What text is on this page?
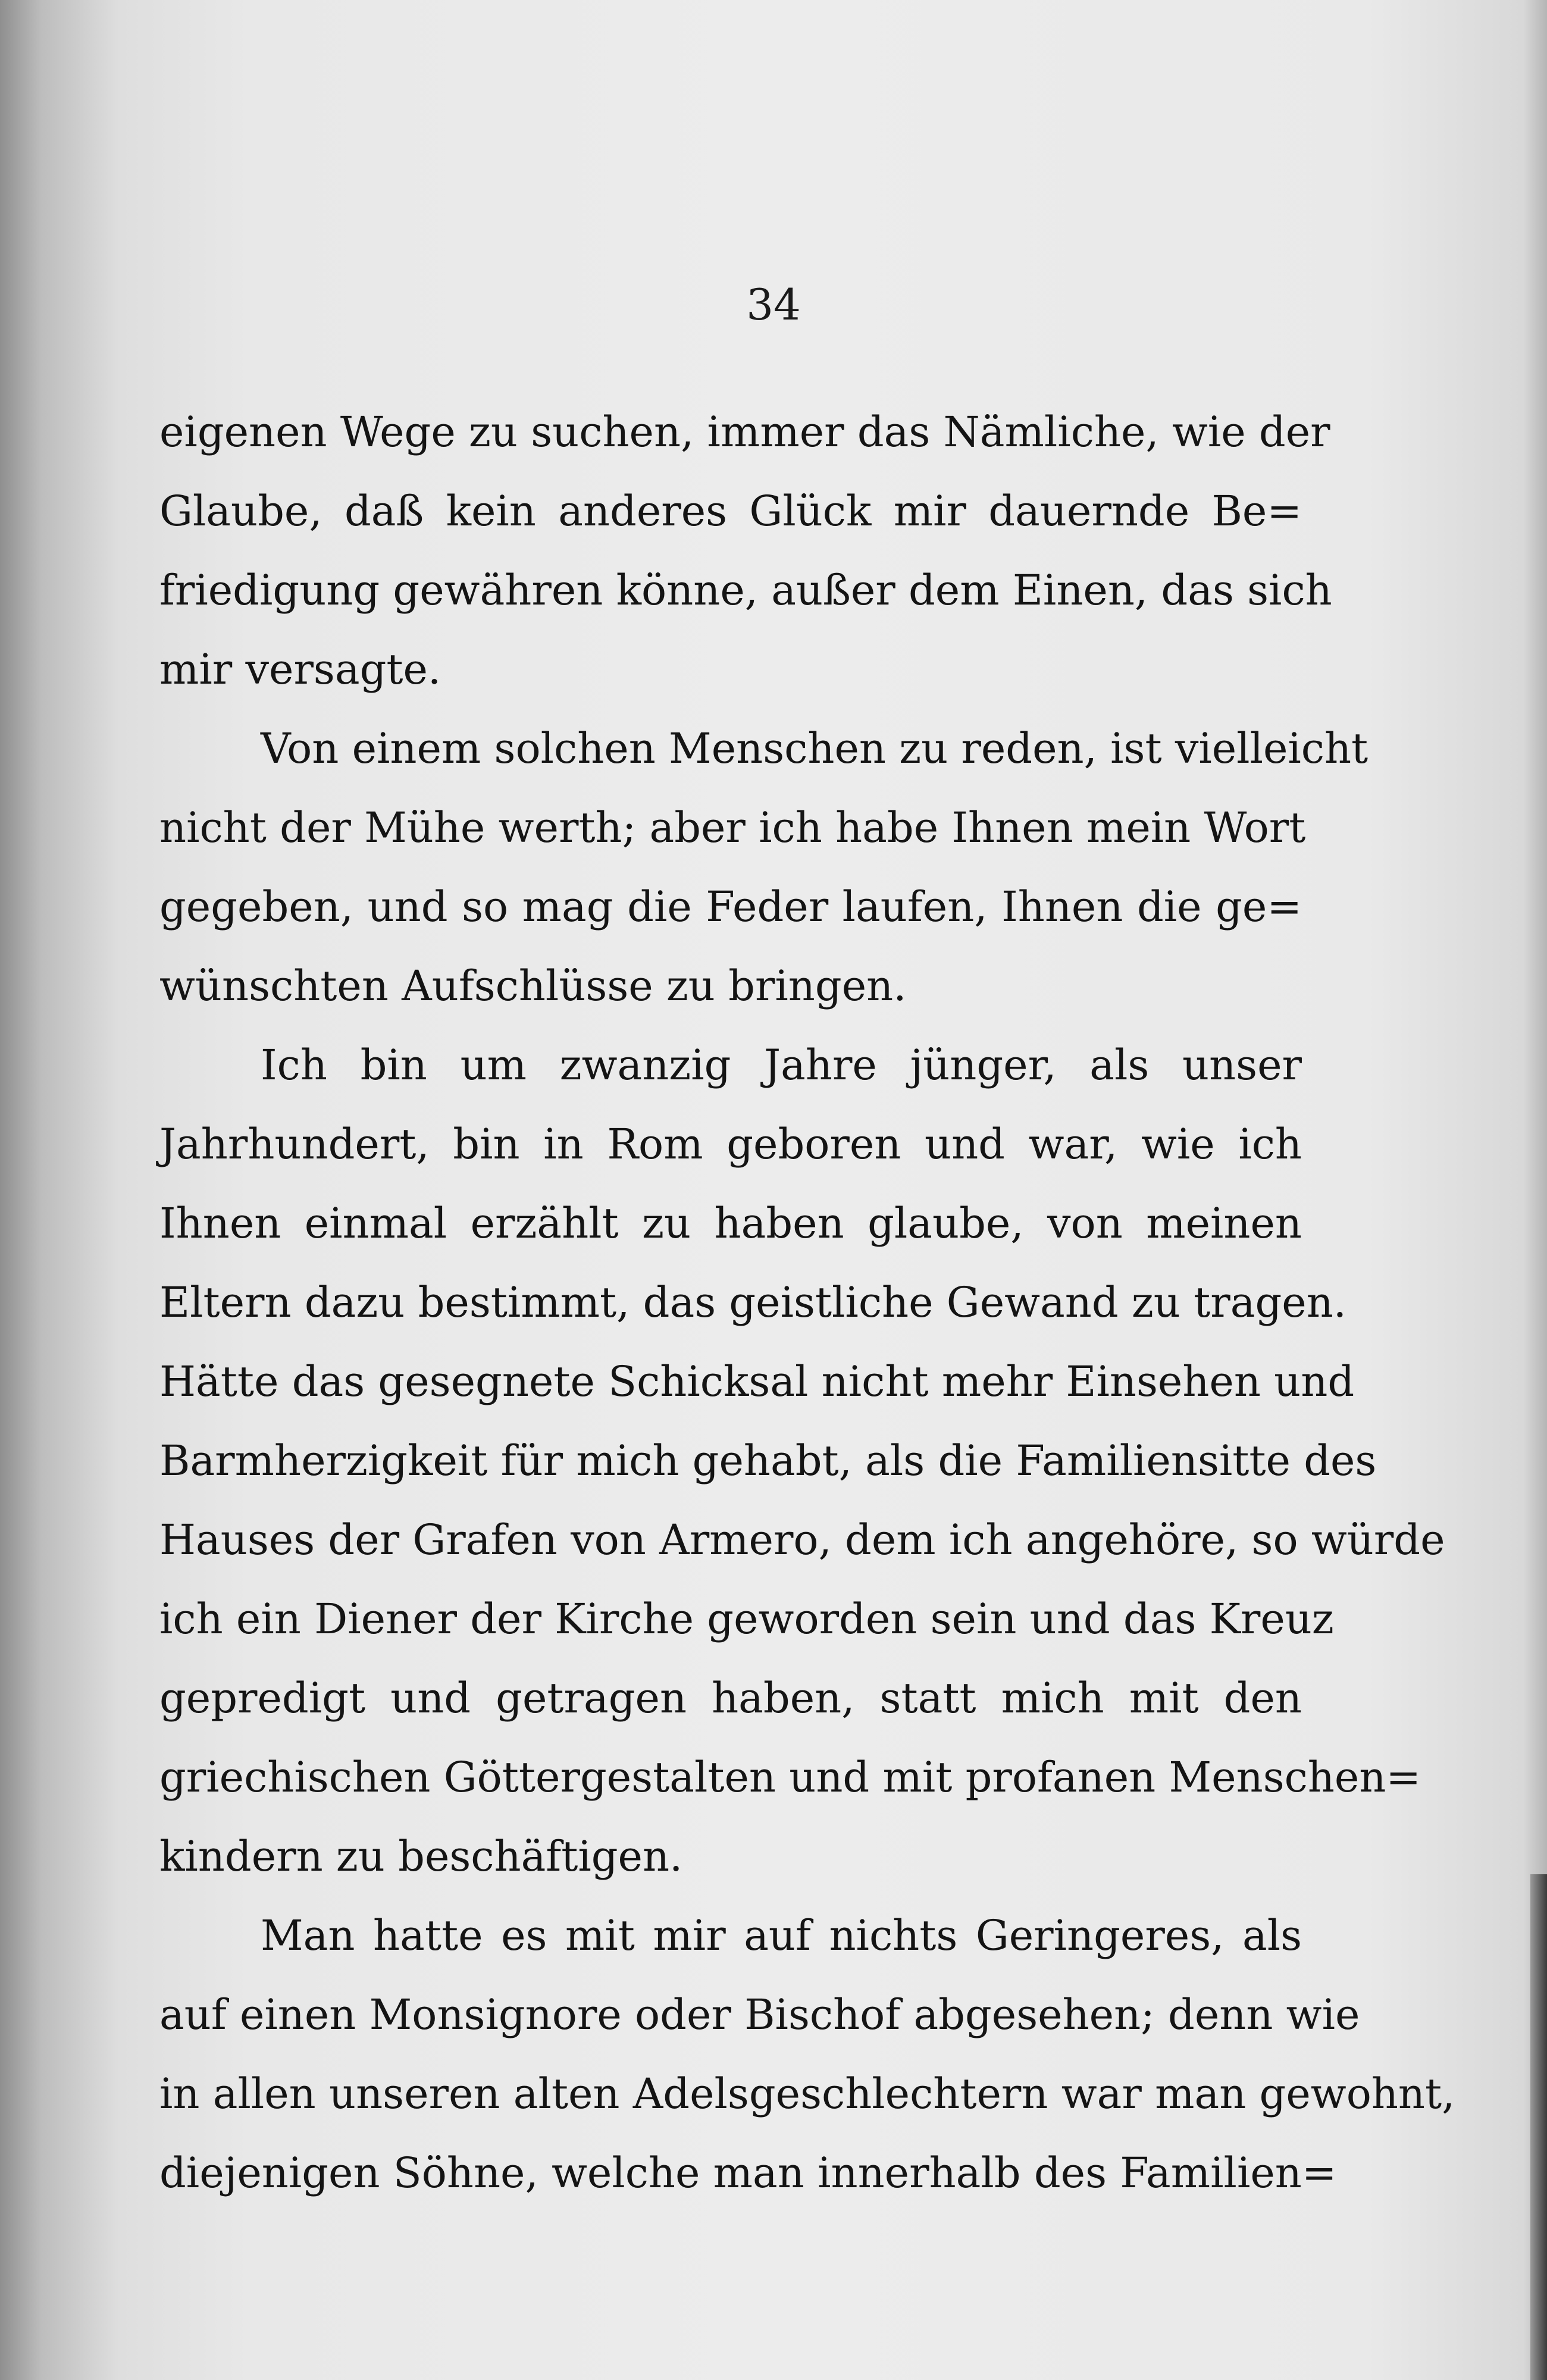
34
eigenen Wege zu suchen, immer das Nämliche, wie der
Glaube, daß kein anderes Glück mir dauernde Be=
friedigung gewähren könne, außer dem Einen, das sich
mir versagte.
Von einem solchen Menschen zu reden, ist vielleicht
nicht der Mühe werth; aber ich habe Ihnen mein Wort
gegeben, und so mag die Feder laufen, Ihnen die ge=
wünschten Aufschlüsse zu bringen.
Ich bin um zwanzig Jahre jünger, als unser
Jahrhundert, bin in Rom geboren und war, wie ich
Ihnen einmal erzählt zu haben glaube, von meinen
Eltern dazu bestimmt, das geistliche Gewand zu tragen.
Hätte das gesegnete Schicksal nicht mehr Einsehen und
Barmherzigkeit für mich gehabt, als die Familiensitte des
Hauses der Grafen von Armero, dem ich angehöre, so würde
ich ein Diener der Kirche geworden sein und das Kreuz
gepredigt und getragen haben, statt mich mit den
griechischen Göttergestalten und mit profanen Menschen=
kindern zu beschäftigen.
Man hatte es mit mir auf nichts Geringeres, als
auf einen Monsignore oder Bischof abgesehen; denn wie
in allen unseren alten Adelsgeschlechtern war man gewohnt,
diejenigen Söhne, welche man innerhalb des Familien=
